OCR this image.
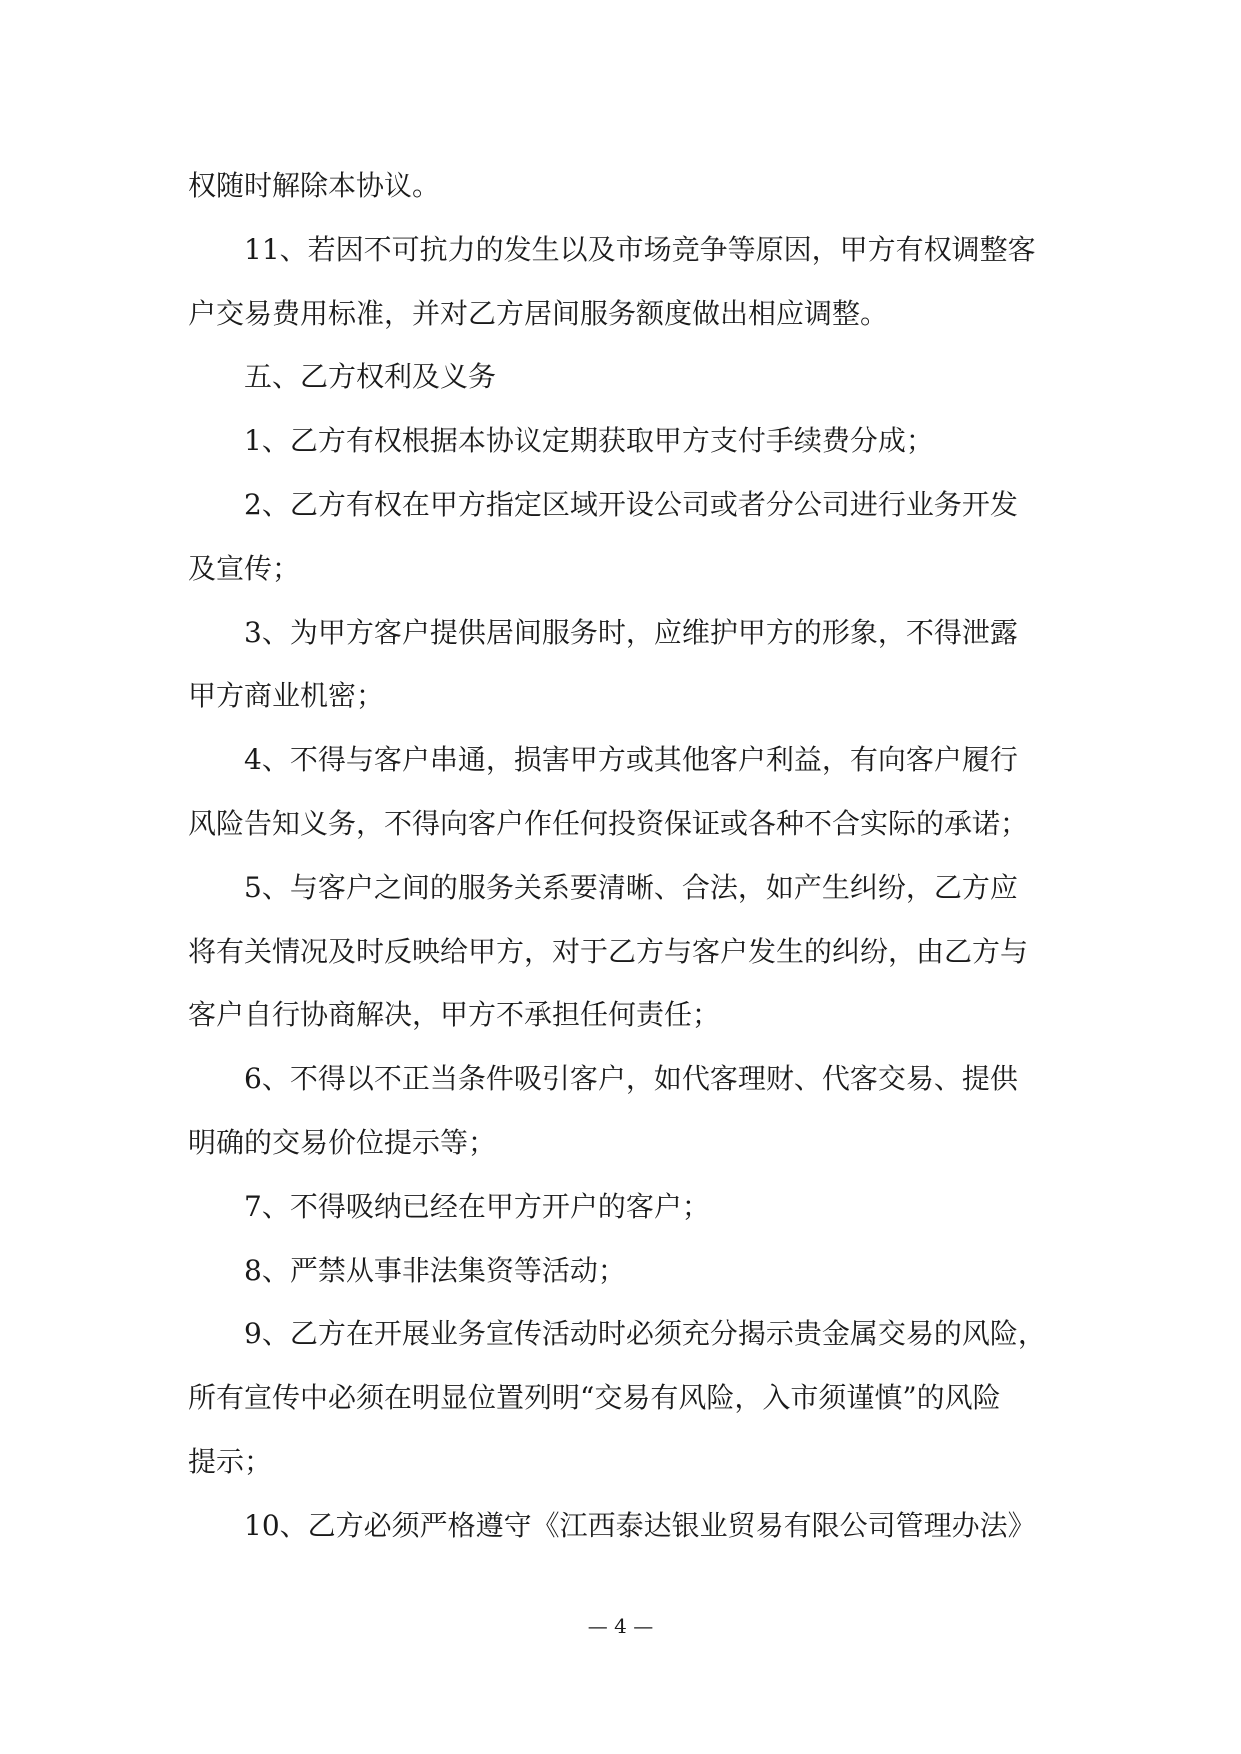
权随时解除本协议。
11、若因不可抗力的发生以及市场竞争等原因，甲方有权调整客
户交易费用标准，并对乙方居间服务额度做出相应调整。
五、乙方权利及义务
1、乙方有权根据本协议定期获取甲方支付手续费分成；
2、乙方有权在甲方指定区域开设公司或者分公司进行业务开发
及宣传；
3、为甲方客户提供居间服务时，应维护甲方的形象，不得泄露
甲方商业机密；
4、不得与客户串通，损害甲方或其他客户利益，有向客户履行
风险告知义务，不得向客户作任何投资保证或各种不合实际的承诺；
5、与客户之间的服务关系要清晰、合法，如产生纠纷，乙方应
将有关情况及时反映给甲方，对于乙方与客户发生的纠纷，由乙方与
客户自行协商解决，甲方不承担任何责任；
6、不得以不正当条件吸引客户，如代客理财、代客交易、提供
明确的交易价位提示等；
7、不得吸纳已经在甲方开户的客户；
8、严禁从事非法集资等活动；
9、乙方在开展业务宣传活动时必须充分揭示贵金属交易的风险，
所有宣传中必须在明显位置列明“交易有风险，入市须谨慎”的风险
提示；
10、乙方必须严格遵守《江西泰达银业贸易有限公司管理办法》
— 4 —
